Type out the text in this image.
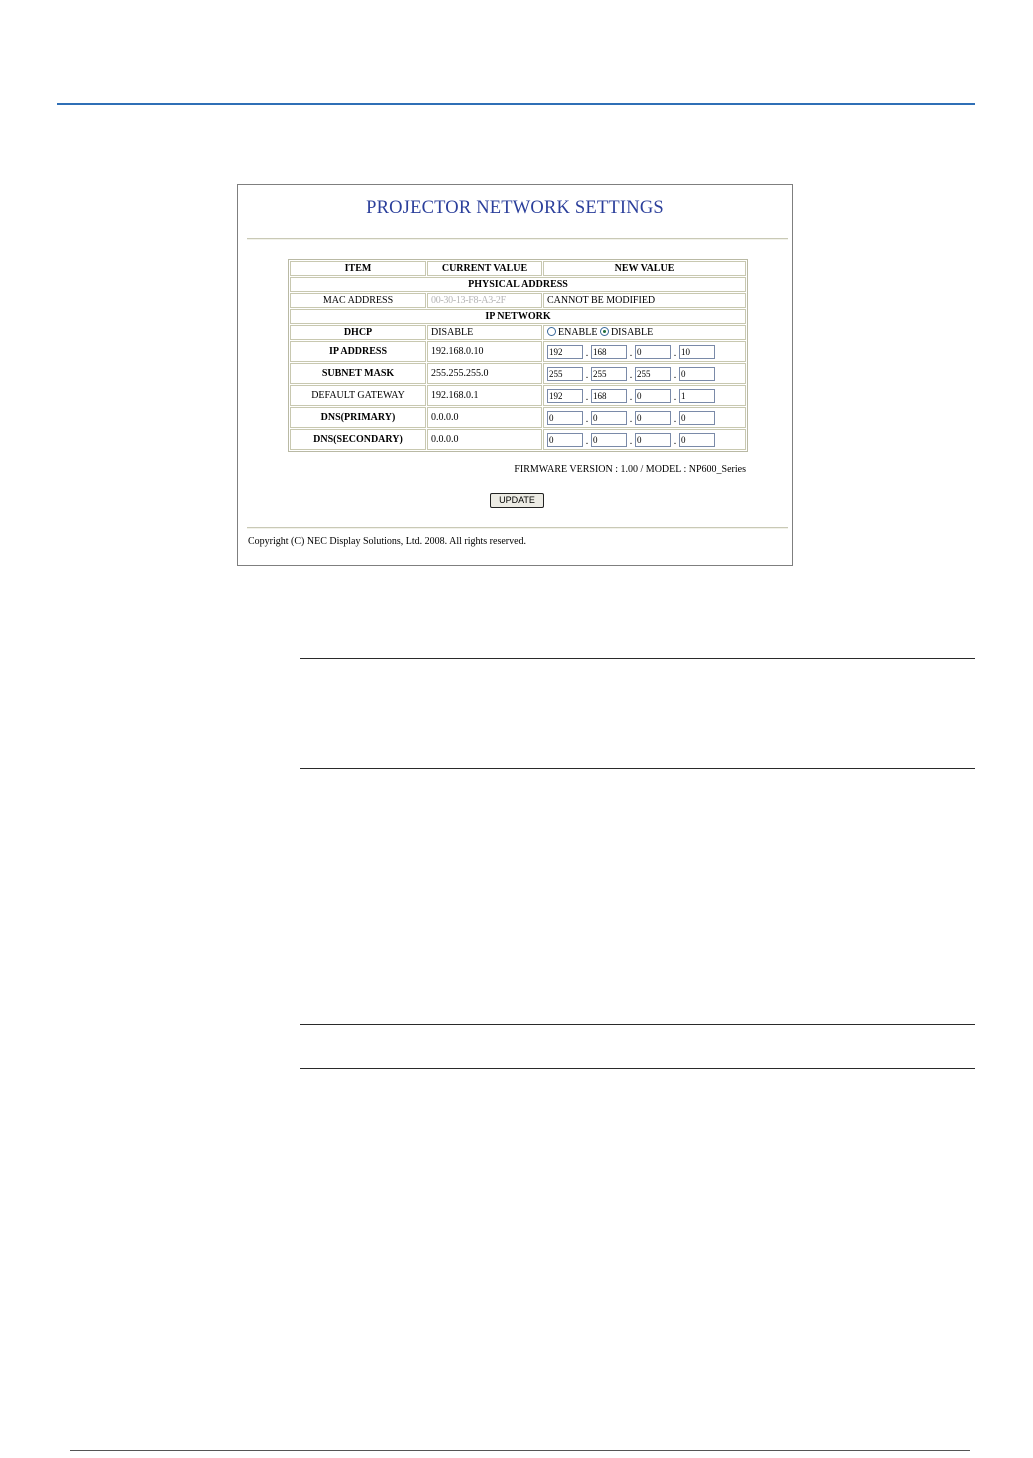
PROJECTOR NETWORK SETTINGS
ITEM	CURRENT VALUE	NEW VALUE
PHYSICAL ADDRESS		
MAC ADDRESS	00-30-13-F8-A3-2F	CANNOT BE MODIFIED
IP NETWORK		
DHCP	DISABLE	ENABLE DISABLE
IP ADDRESS	192.168.0.10	192 . 168 . 0 . 10
SUBNET MASK	255.255.255.0	255 . 255 . 255 . 0
DEFAULT GATEWAY	192.168.0.1	192 . 168 . 0 . 1
DNS(PRIMARY)	0.0.0.0	0 . 0 . 0 . 0
DNS(SECONDARY)	0.0.0.0	0 . 0 . 0 . 0
FIRMWARE VERSION : 1.00 / MODEL : NP600_Series
UPDATE
Copyright (C) NEC Display Solutions, Ltd. 2008. All rights reserved.
